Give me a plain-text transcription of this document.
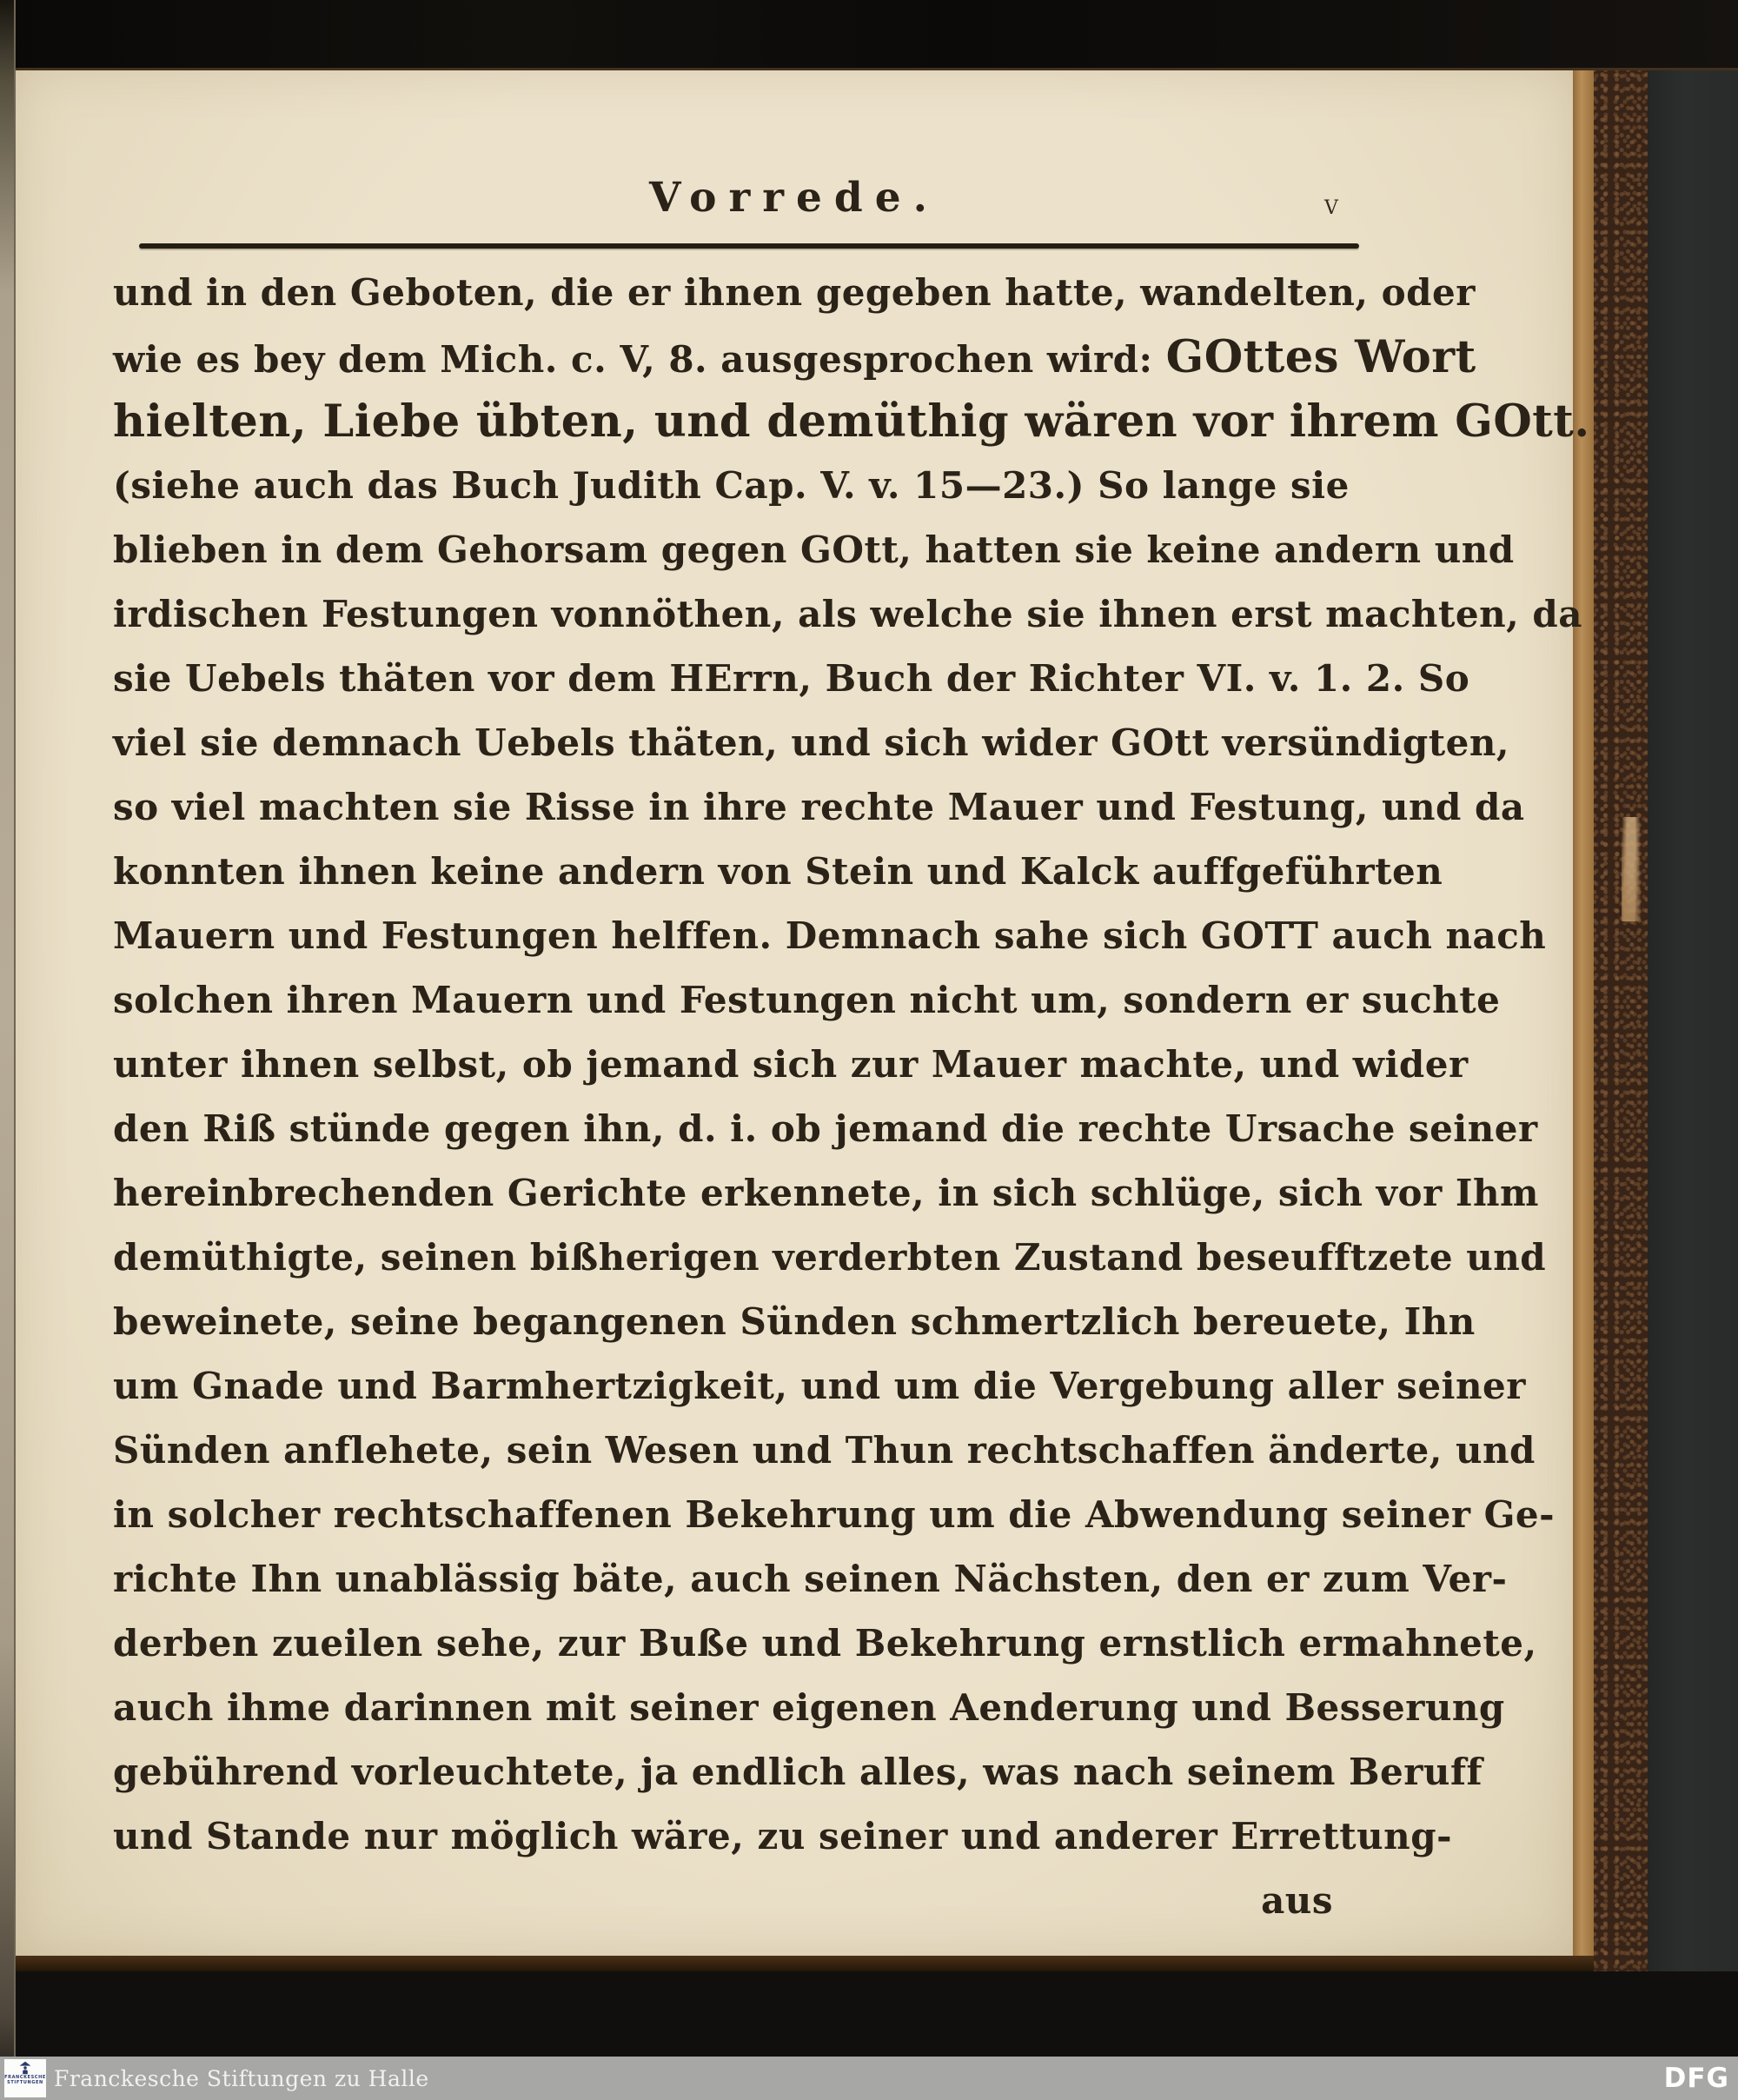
Vorrede.	v
und in den Geboten, die er ihnen gegeben hatte, wandelten, oder
wie es bey dem Mich. c. V, 8. ausgesprochen wird: GOttes Wort
hielten, Liebe übten, und demüthig wären vor ihrem GOtt.
(siehe auch das Buch Judith Cap. V. v. 15—23.) So lange sie
blieben in dem Gehorsam gegen GOtt, hatten sie keine andern und
irdischen Festungen vonnöthen, als welche sie ihnen erst machten, da
sie Uebels thäten vor dem HErrn, Buch der Richter VI. v. 1. 2. So
viel sie demnach Uebels thäten, und sich wider GOtt versündigten,
so viel machten sie Risse in ihre rechte Mauer und Festung, und da
konnten ihnen keine andern von Stein und Kalck auffgeführten
Mauern und Festungen helffen. Demnach sahe sich GOTT auch nach
solchen ihren Mauern und Festungen nicht um, sondern er suchte
unter ihnen selbst, ob jemand sich zur Mauer machte, und wider
den Riß stünde gegen ihn, d. i. ob jemand die rechte Ursache seiner
hereinbrechenden Gerichte erkennete, in sich schlüge, sich vor Ihm
demüthigte, seinen bißherigen verderbten Zustand beseufftzete und
beweinete, seine begangenen Sünden schmertzlich bereuete, Ihn
um Gnade und Barmhertzigkeit, und um die Vergebung aller seiner
Sünden anflehete, sein Wesen und Thun rechtschaffen änderte, und
in solcher rechtschaffenen Bekehrung um die Abwendung seiner Ge-
richte Ihn unablässig bäte, auch seinen Nächsten, den er zum Ver-
derben zueilen sehe, zur Buße und Bekehrung ernstlich ermahnete,
auch ihme darinnen mit seiner eigenen Aenderung und Besserung
gebührend vorleuchtete, ja endlich alles, was nach seinem Beruff
und Stande nur möglich wäre, zu seiner und anderer Errettung-
aus
FRANCKESCHE
STIFTUNGEN Franckesche Stiftungen zu Halle	DFG
